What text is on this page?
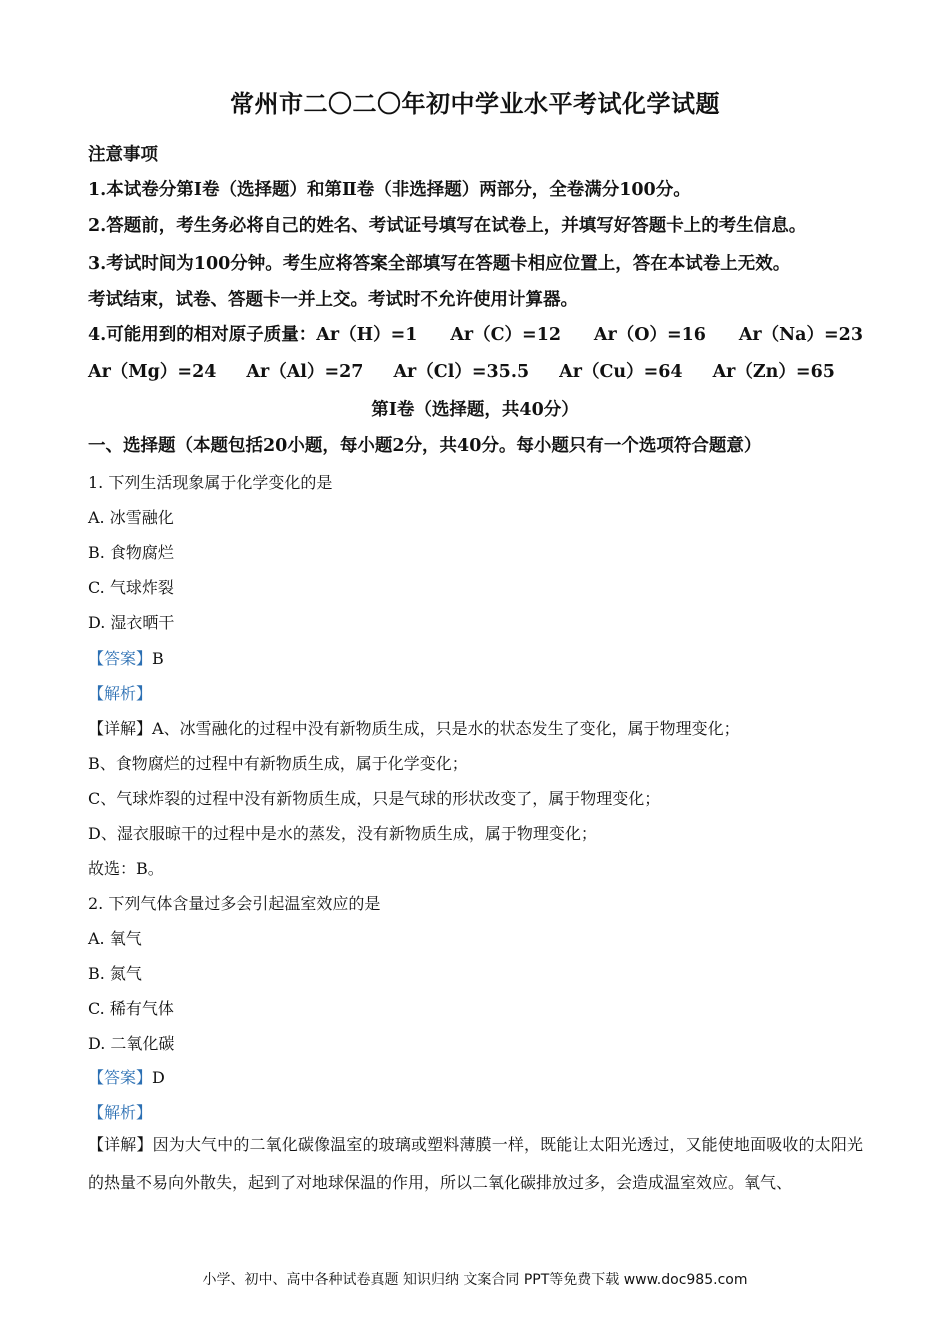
常州市二〇二〇年初中学业水平考试化学试题
注意事项
1.本试卷分第Ⅰ卷（选择题）和第Ⅱ卷（非选择题）两部分，全卷满分100分。
2.答题前，考生务必将自己的姓名、考试证号填写在试卷上，并填写好答题卡上的考生信息。
3.考试时间为100分钟。考生应将答案全部填写在答题卡相应位置上，答在本试卷上无效。
考试结束，试卷、答题卡一并上交。考试时不允许使用计算器。
4.可能用到的相对原子质量：Ar（H）=1 Ar（C）=12 Ar（O）=16 Ar（Na）=23
Ar（Mg）=24 Ar（Al）=27 Ar（Cl）=35.5 Ar（Cu）=64 Ar（Zn）=65
第Ⅰ卷（选择题，共40分）
一、选择题（本题包括20小题，每小题2分，共40分。每小题只有一个选项符合题意）
1. 下列生活现象属于化学变化的是
A. 冰雪融化
B. 食物腐烂
C. 气球炸裂
D. 湿衣晒干
【答案】B
【解析】
【详解】A、冰雪融化的过程中没有新物质生成，只是水的状态发生了变化，属于物理变化；
B、食物腐烂的过程中有新物质生成，属于化学变化；
C、气球炸裂的过程中没有新物质生成，只是气球的形状改变了，属于物理变化；
D、湿衣服晾干的过程中是水的蒸发，没有新物质生成，属于物理变化；
故选：B。
2. 下列气体含量过多会引起温室效应的是
A. 氧气
B. 氮气
C. 稀有气体
D. 二氧化碳
【答案】D
【解析】
【详解】因为大气中的二氧化碳像温室的玻璃或塑料薄膜一样，既能让太阳光透过，又能使地面吸收的太阳光的热量不易向外散失，起到了对地球保温的作用，所以二氧化碳排放过多，会造成温室效应。氧气、
小学、初中、高中各种试卷真题 知识归纳 文案合同 PPT等免费下载 www.doc985.com
